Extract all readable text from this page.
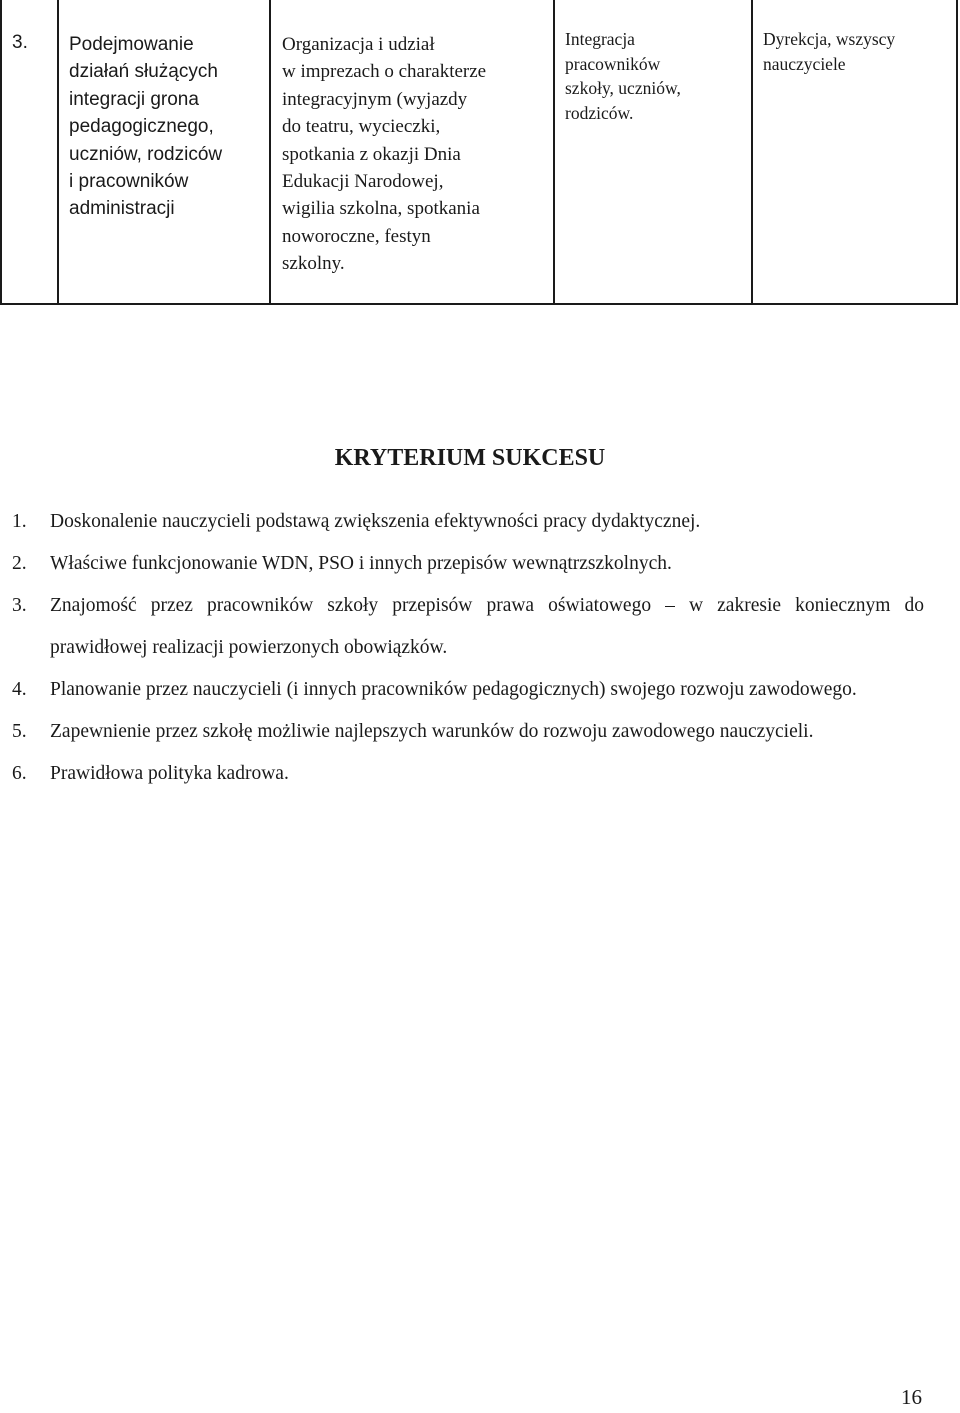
3. Podejmowanie
działań służących
integracji grona
pedagogicznego,
uczniów, rodziców
i pracowników
administracji
Organizacja i udział
w imprezach o charakterze
integracyjnym (wyjazdy
do teatru, wycieczki,
spotkania z okazji Dnia
Edukacji Narodowej,
wigilia szkolna, spotkania
noworoczne, festyn
szkolny.
Integracja
pracowników
szkoły, uczniów,
rodziców.
Dyrekcja, wszyscy
nauczyciele
KRYTERIUM SUKCESU
1. Doskonalenie nauczycieli podstawą zwiększenia efektywności pracy dydaktycznej.
2. Właściwe funkcjonowanie WDN, PSO i innych przepisów wewnątrzszkolnych.
3. Znajomość przez pracowników szkoły przepisów prawa oświatowego – w zakresie koniecznym do prawidłowej realizacji powierzonych obowiązków.
4. Planowanie przez nauczycieli (i innych pracowników pedagogicznych) swojego rozwoju zawodowego.
5. Zapewnienie przez szkołę możliwie najlepszych warunków do rozwoju zawodowego nauczycieli.
6. Prawidłowa polityka kadrowa.
16
